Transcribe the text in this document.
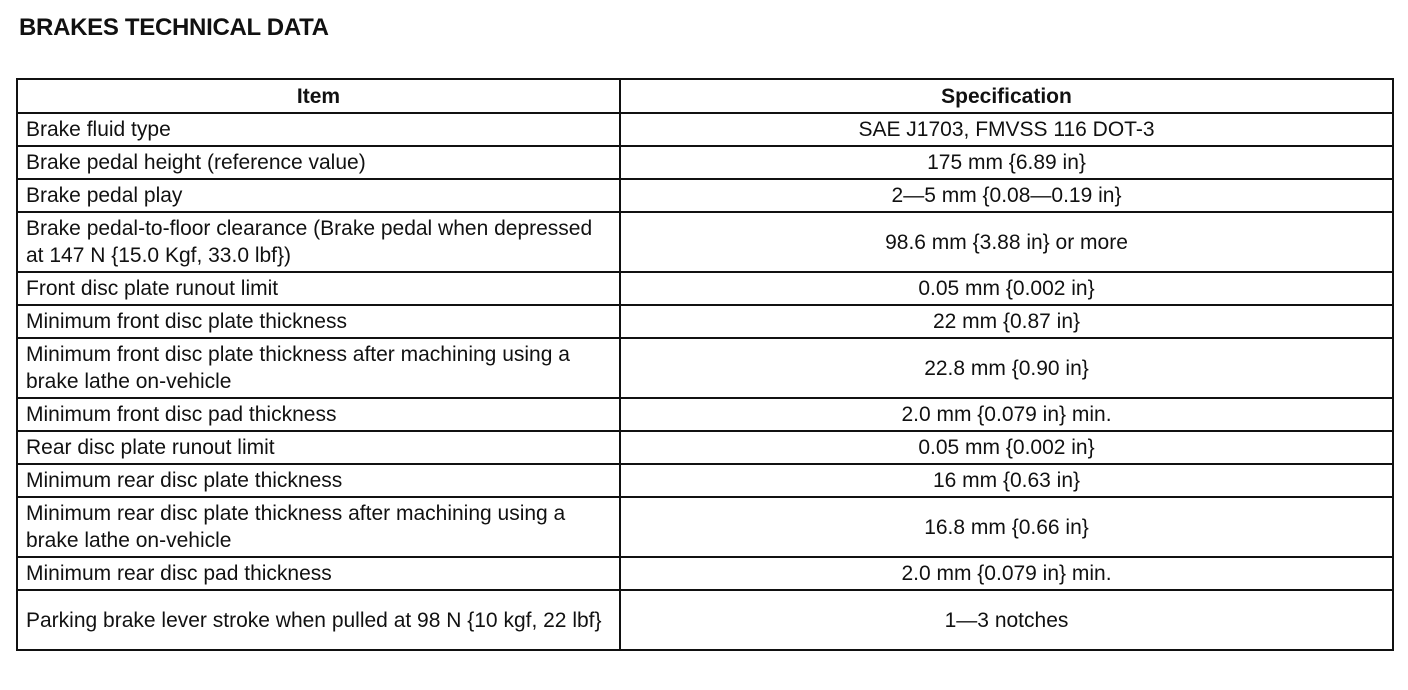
BRAKES TECHNICAL DATA
Item	Specification
Brake fluid type	SAE J1703, FMVSS 116 DOT-3
Brake pedal height (reference value)	175 mm {6.89 in}
Brake pedal play	2—5 mm {0.08—0.19 in}
Brake pedal-to-floor clearance (Brake pedal when depressed at 147 N {15.0 Kgf, 33.0 lbf})	98.6 mm {3.88 in} or more
Front disc plate runout limit	0.05 mm {0.002 in}
Minimum front disc plate thickness	22 mm {0.87 in}
Minimum front disc plate thickness after machining using a brake lathe on-vehicle	22.8 mm {0.90 in}
Minimum front disc pad thickness	2.0 mm {0.079 in} min.
Rear disc plate runout limit	0.05 mm {0.002 in}
Minimum rear disc plate thickness	16 mm {0.63 in}
Minimum rear disc plate thickness after machining using a brake lathe on-vehicle	16.8 mm {0.66 in}
Minimum rear disc pad thickness	2.0 mm {0.079 in} min.
Parking brake lever stroke when pulled at 98 N {10 kgf, 22 lbf}	1—3 notches
